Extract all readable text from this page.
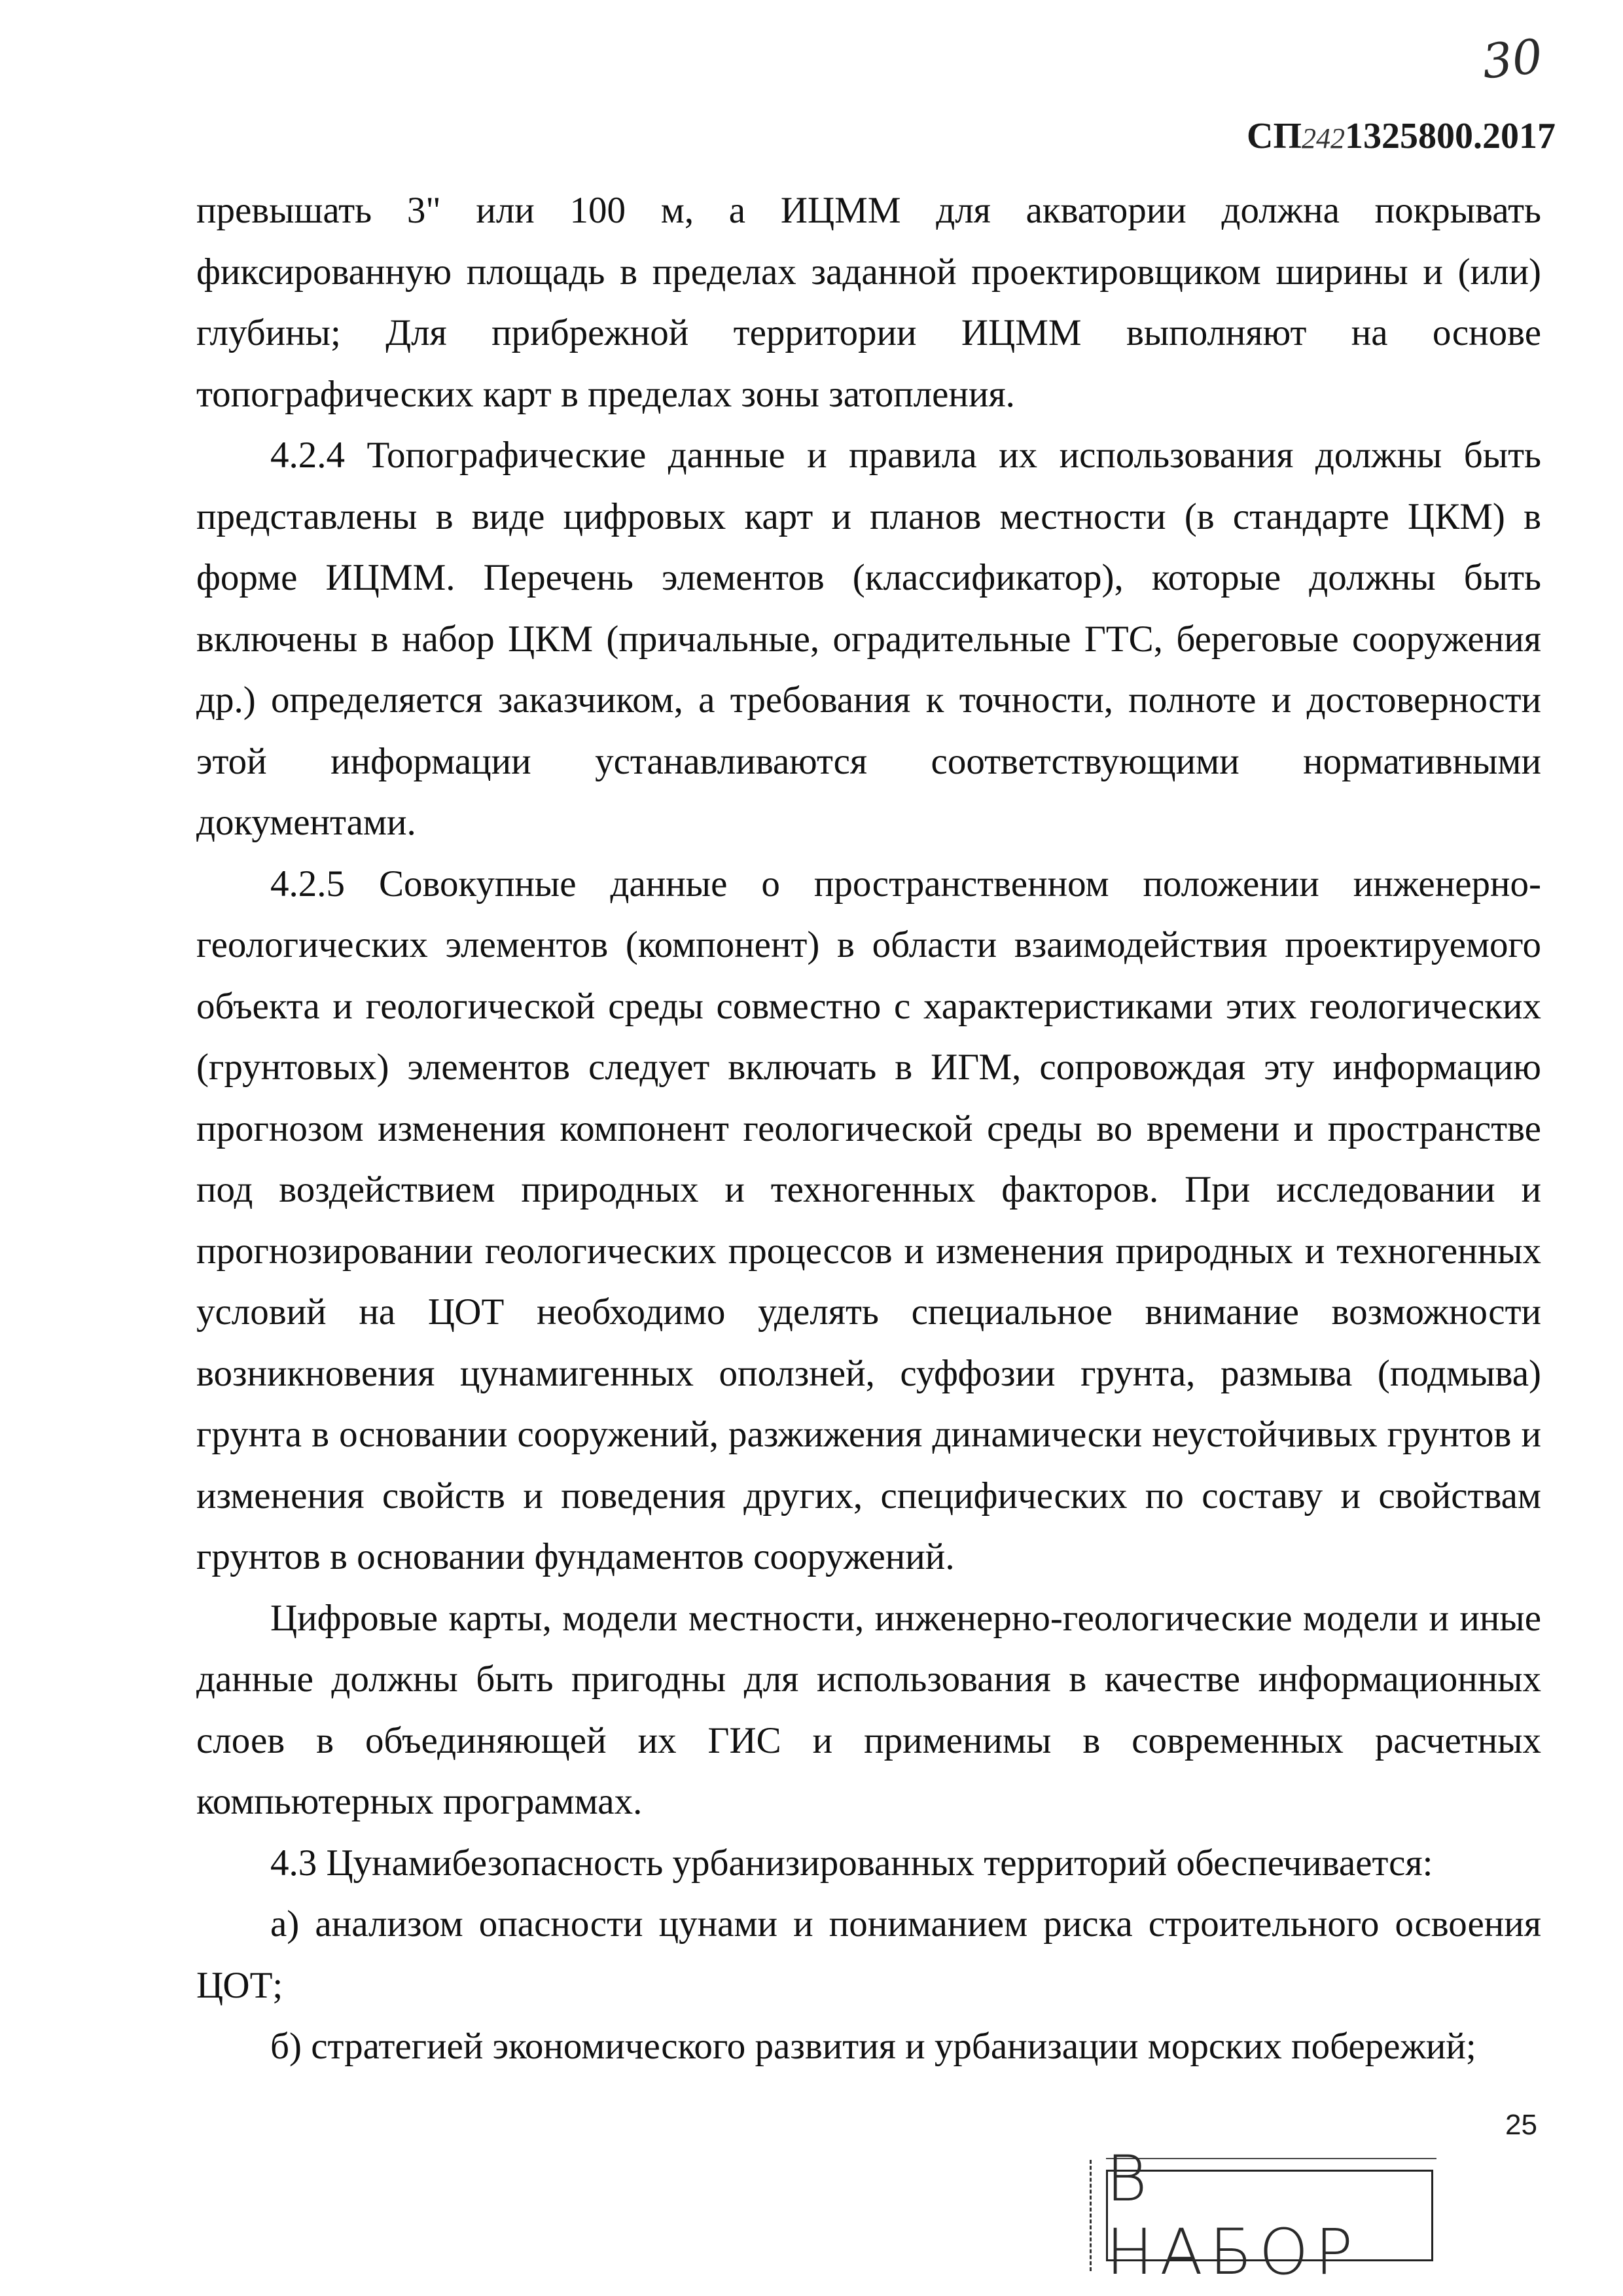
30
СП2421325800.2017

превышать 3" или 100 м, а ИЦММ для акватории должна покрывать фиксированную площадь в пределах заданной проектировщиком ширины и (или) глубины; Для прибрежной территории ИЦММ выполняют на основе топографических карт в пределах зоны затопления.

4.2.4 Топографические данные и правила их использования должны быть представлены в виде цифровых карт и планов местности (в стандарте ЦКМ) в форме ИЦММ. Перечень элементов (классификатор), которые должны быть включены в набор ЦКМ (причальные, оградительные ГТС, береговые сооружения др.) определяется заказчиком, а требования к точности, полноте и достоверности этой информации устанавливаются соответствующими нормативными документами.

4.2.5 Совокупные данные о пространственном положении инженерно-геологических элементов (компонент) в области взаимодействия проектируемого объекта и геологической среды совместно с характеристиками этих геологических (грунтовых) элементов следует включать в ИГМ, сопровождая эту информацию прогнозом изменения компонент геологической среды во времени и пространстве под воздействием природных и техногенных факторов. При исследовании и прогнозировании геологических процессов и изменения природных и техногенных условий на ЦОТ необходимо уделять специальное внимание возможности возникновения цунамигенных оползней, суффозии грунта, размыва (подмыва) грунта в основании сооружений, разжижения динамически неустойчивых грунтов и изменения свойств и поведения других, специфических по составу и свойствам грунтов в основании фундаментов сооружений.

Цифровые карты, модели местности, инженерно-геологические модели и иные данные должны быть пригодны для использования в качестве информационных слоев в объединяющей их ГИС и применимы в современных расчетных компьютерных программах.

4.3 Цунамибезопасность урбанизированных территорий обеспечивается:

а) анализом опасности цунами и пониманием риска строительного освоения ЦОТ;

б) стратегией экономического развития и урбанизации морских побережий;

25
В НАБОР
